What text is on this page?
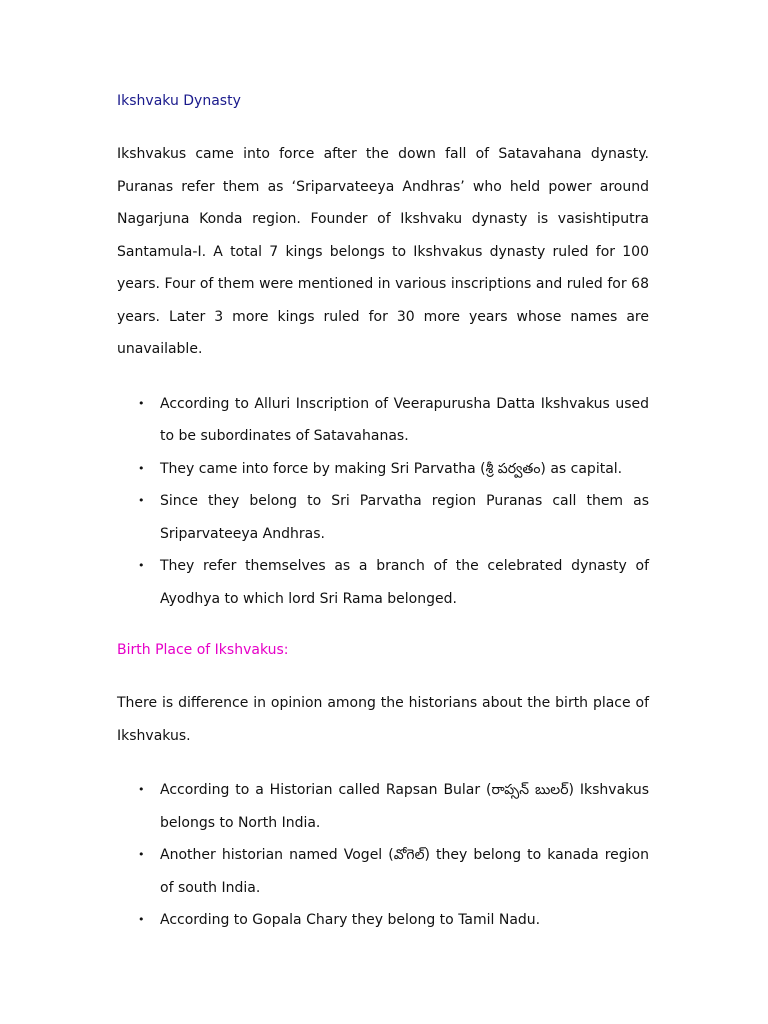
Ikshvaku Dynasty

Ikshvakus came into force after the down fall of Satavahana dynasty. Puranas refer them as ‘Sriparvateeya Andhras’ who held power around Nagarjuna Konda region. Founder of Ikshvaku dynasty is vasishtiputra Santamula-I. A total 7 kings belongs to Ikshvakus dynasty ruled for 100 years. Four of them were mentioned in various inscriptions and ruled for 68 years. Later 3 more kings ruled for 30 more years whose names are unavailable.

• According to Alluri Inscription of Veerapurusha Datta Ikshvakus used to be subordinates of Satavahanas.
• They came into force by making Sri Parvatha (శ్రీ పర్వతం) as capital.
• Since they belong to Sri Parvatha region Puranas call them as Sriparvateeya Andhras.
• They refer themselves as a branch of the celebrated dynasty of Ayodhya to which lord Sri Rama belonged.
Birth Place of Ikshvakus:

There is difference in opinion among the historians about the birth place of Ikshvakus.

• According to a Historian called Rapsan Bular (రాప్సన్ బులర్) Ikshvakus belongs to North India.
• Another historian named Vogel (వోగెల్) they belong to kanada region of south India.
• According to Gopala Chary they belong to Tamil Nadu.
